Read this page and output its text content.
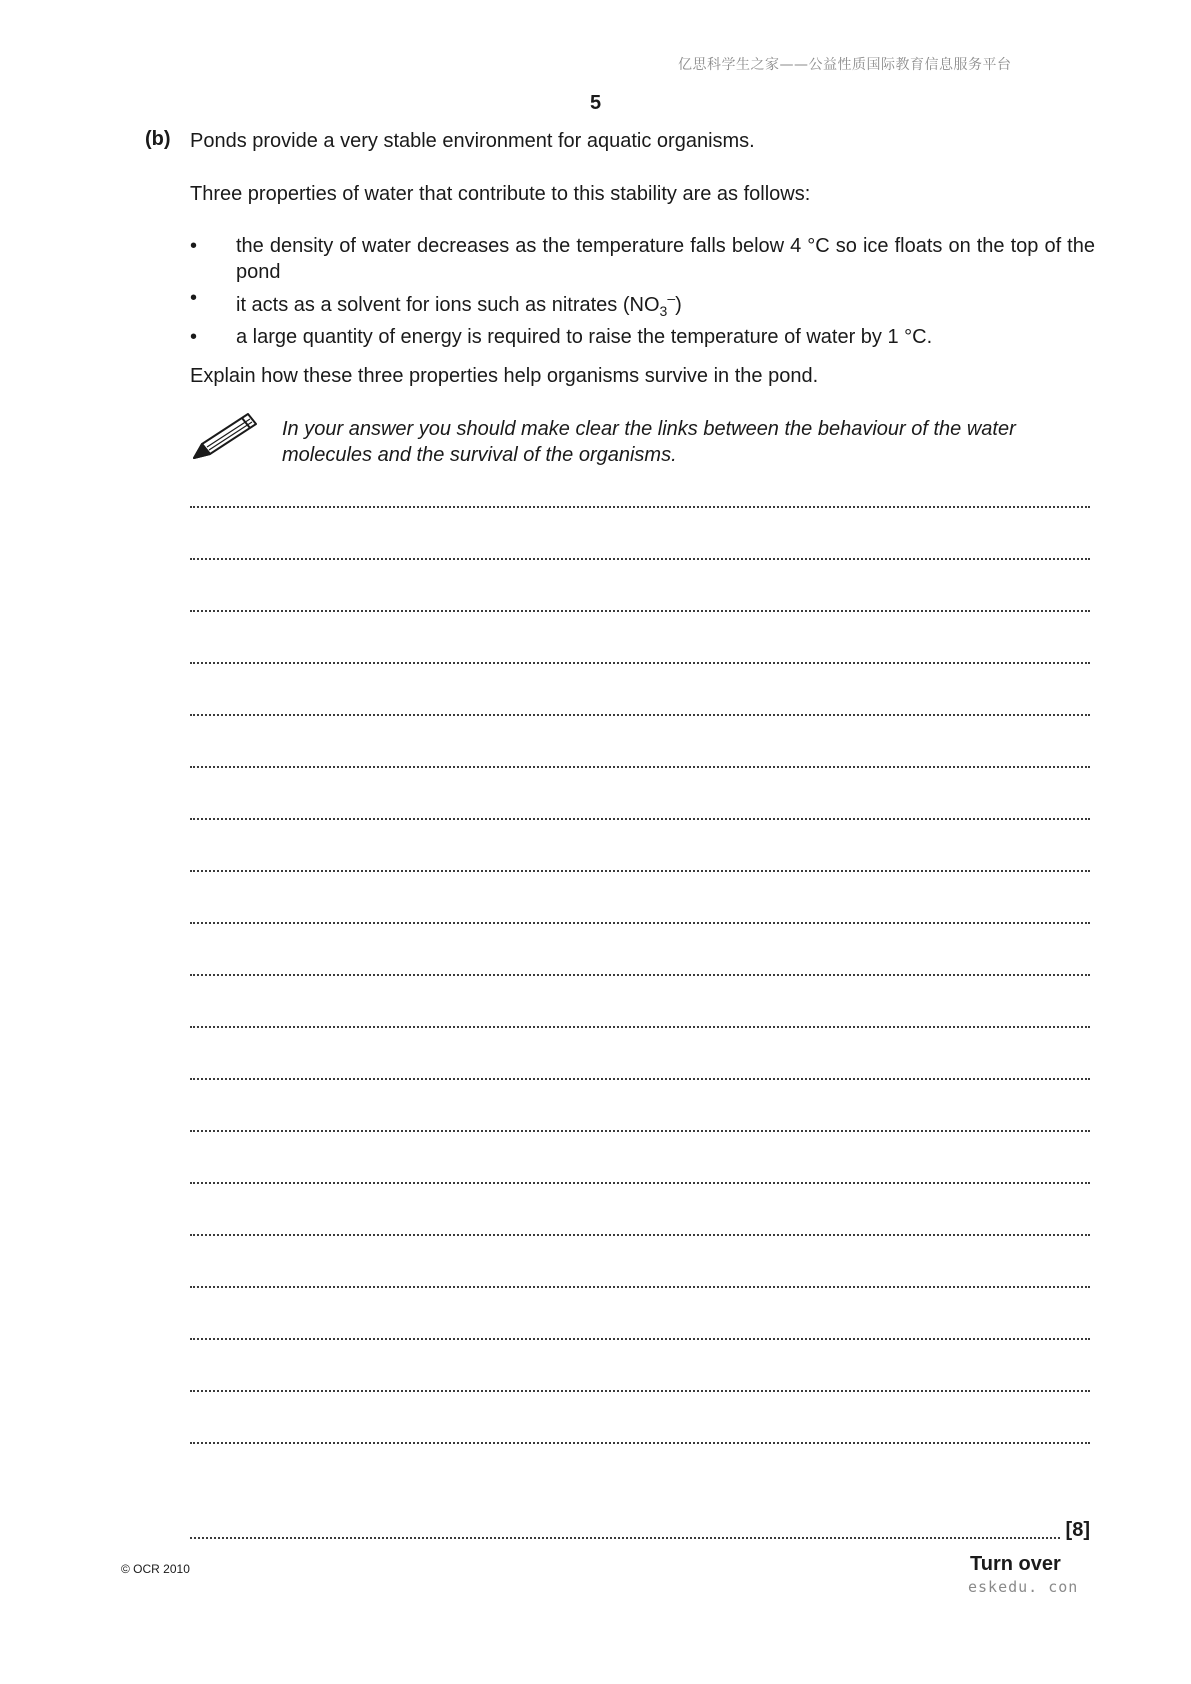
亿思科学生之家——公益性质国际教育信息服务平台
5
(b) Ponds provide a very stable environment for aquatic organisms.
Three properties of water that contribute to this stability are as follows:
• the density of water decreases as the temperature falls below 4 °C so ice floats on the top of the pond
• it acts as a solvent for ions such as nitrates $(NO_3^-)$
• a large quantity of energy is required to raise the temperature of water by 1 °C.
Explain how these three properties help organisms survive in the pond.
In your answer you should make clear the links between the behaviour of the water molecules and the survival of the organisms.
[8]
© OCR 2010	Turn over
eskedu. con
